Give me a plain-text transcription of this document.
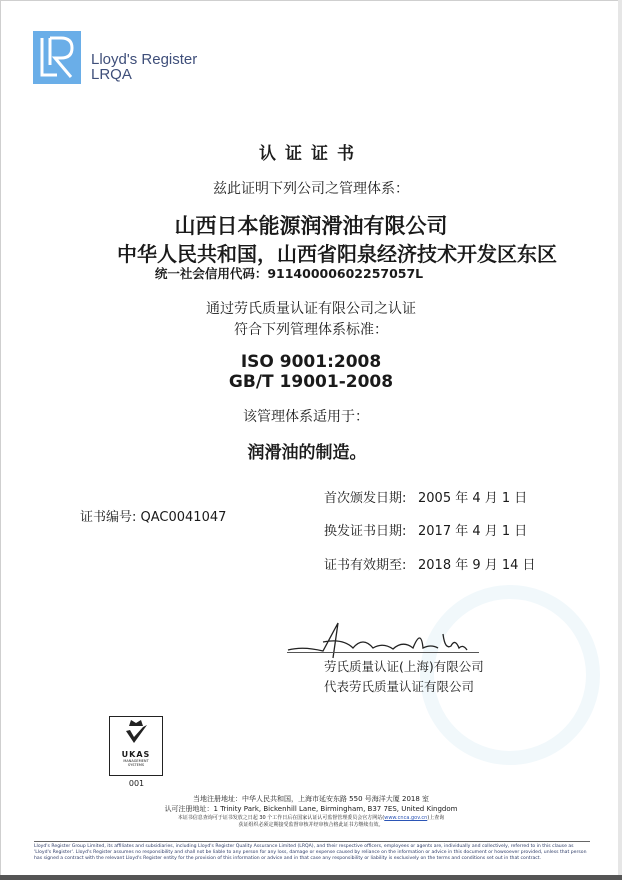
Lloyd's Register
LRQA
认证证书
兹此证明下列公司之管理体系：
山西日本能源润滑油有限公司
中华人民共和国，山西省阳泉经济技术开发区东区
统一社会信用代码：91140000602257057L
通过劳氏质量认证有限公司之认证
符合下列管理体系标准：
ISO 9001:2008
GB/T 19001-2008
该管理体系适用于：
润滑油的制造。
证书编号: QAC0041047
首次颁发日期: 2005 年 4 月 1 日
换发证书日期: 2017 年 4 月 1 日
证书有效期至: 2018 年 9 月 14 日
劳氏质量认证(上海)有限公司
代表劳氏质量认证有限公司
UKAS
MANAGEMENT
SYSTEMS
001
当地注册地址：中华人民共和国，上海市延安东路 550 号海洋大厦 2018 室
认可注册地址：1 Trinity Park, Bickenhill Lane, Birmingham, B37 7ES, United Kingdom
本证书信息查询可于证书发放之日起 30 个工作日后在国家认证认可监督管理委员会官方网站(www.cnca.gov.cn)上查询
获证组织必须定期接受监督审核并经审核合格此证书方继续有效。
Lloyd's Register Group Limited, its affiliates and subsidiaries, including Lloyd's Register Quality Assurance Limited (LRQA), and their respective officers, employees or agents are, individually and collectively, referred to in this clause as 'Lloyd's Register'. Lloyd's Register assumes no responsibility and shall not be liable to any person for any loss, damage or expense caused by reliance on the information or advice in this document or howsoever provided, unless that person has signed a contract with the relevant Lloyd's Register entity for the provision of this information or advice and in that case any responsibility or liability is exclusively on the terms and conditions set out in that contract.
